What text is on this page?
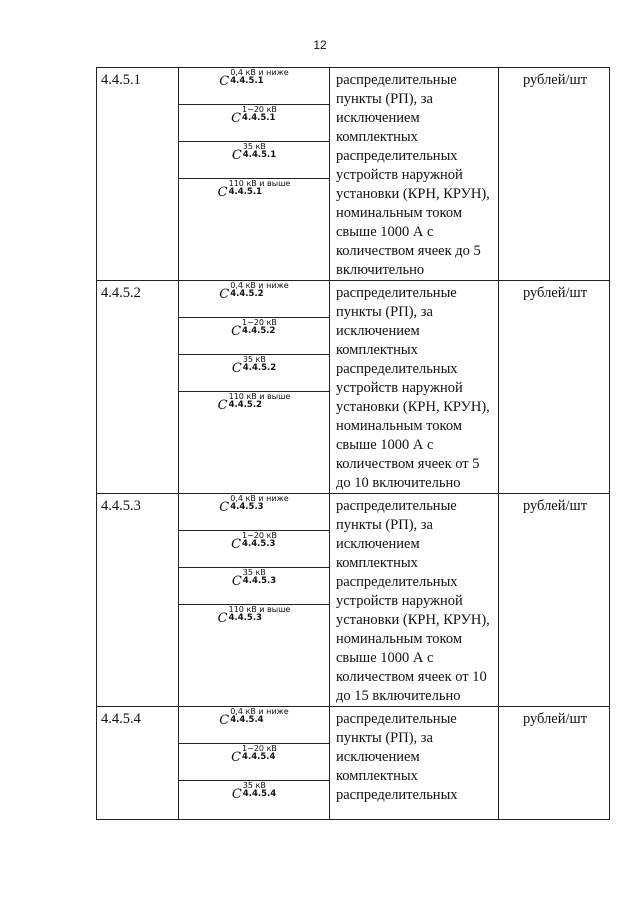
12
4.4.5.1		C
0,4 кВ и ниже
4.4.5.1

C
1−20 кВ
4.4.5.1

C
35 кВ
4.4.5.1

C
110 кВ и выше
4.4.5.1
	распределительные пункты (РП), за исключением комплектных распределительных устройств наружной установки (КРН, КРУН), номинальным током свыше 1000 А с количеством ячеек до 5 включительно	рублей/шт
4.4.5.2		C
0,4 кВ и ниже
4.4.5.2

C
1−20 кВ
4.4.5.2

C
35 кВ
4.4.5.2

C
110 кВ и выше
4.4.5.2
	распределительные пункты (РП), за исключением комплектных распределительных устройств наружной установки (КРН, КРУН), номинальным током свыше 1000 А с количеством ячеек от 5 до 10 включительно	рублей/шт
4.4.5.3		C
0,4 кВ и ниже
4.4.5.3

C
1−20 кВ
4.4.5.3

C
35 кВ
4.4.5.3

C
110 кВ и выше
4.4.5.3
	распределительные пункты (РП), за исключением комплектных распределительных устройств наружной установки (КРН, КРУН), номинальным током свыше 1000 А с количеством ячеек от 10 до 15 включительно	рублей/шт
4.4.5.4		C
0,4 кВ и ниже
4.4.5.4

C
1−20 кВ
4.4.5.4

C
35 кВ
4.4.5.4
	распределительные пункты (РП), за исключением комплектных распределительных	рублей/шт
